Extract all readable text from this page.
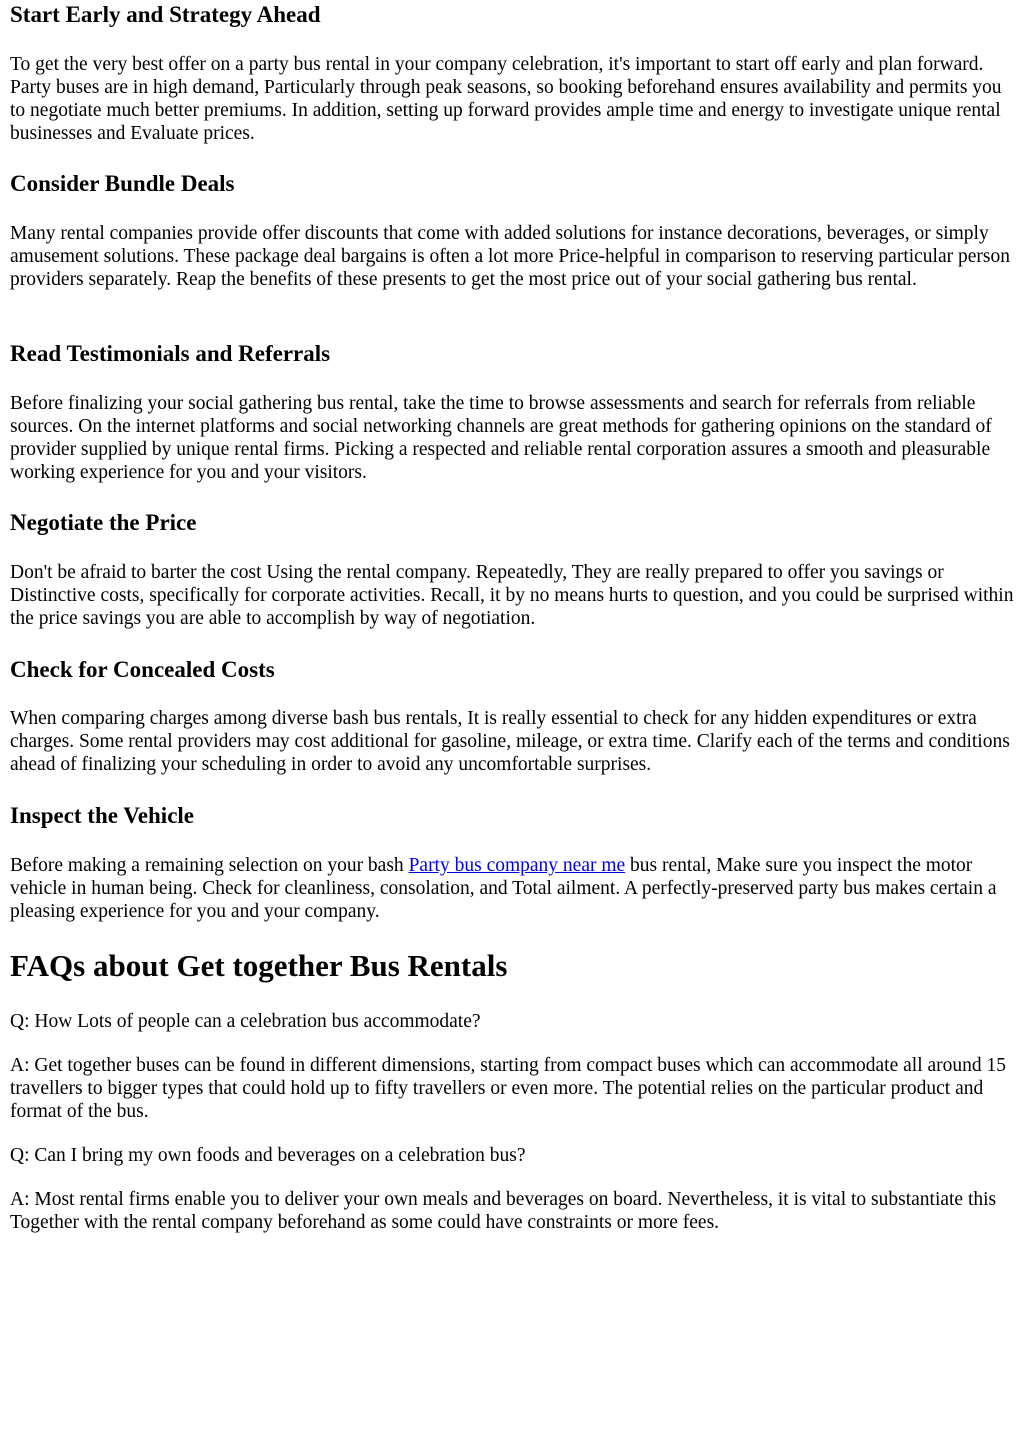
Start Early and Strategy Ahead

To get the very best offer on a party bus rental in your company celebration, it's important to start off early and plan forward. Party buses are in high demand, Particularly through peak seasons, so booking beforehand ensures availability and permits you to negotiate much better premiums. In addition, setting up forward provides ample time and energy to investigate unique rental businesses and Evaluate prices.

Consider Bundle Deals

Many rental companies provide offer discounts that come with added solutions for instance decorations, beverages, or simply amusement solutions. These package deal bargains is often a lot more Price-helpful in comparison to reserving particular person providers separately. Reap the benefits of these presents to get the most price out of your social gathering bus rental.

Read Testimonials and Referrals

Before finalizing your social gathering bus rental, take the time to browse assessments and search for referrals from reliable sources. On the internet platforms and social networking channels are great methods for gathering opinions on the standard of provider supplied by unique rental firms. Picking a respected and reliable rental corporation assures a smooth and pleasurable working experience for you and your visitors.

Negotiate the Price

Don't be afraid to barter the cost Using the rental company. Repeatedly, They are really prepared to offer you savings or Distinctive costs, specifically for corporate activities. Recall, it by no means hurts to question, and you could be surprised within the price savings you are able to accomplish by way of negotiation.

Check for Concealed Costs

When comparing charges among diverse bash bus rentals, It is really essential to check for any hidden expenditures or extra charges. Some rental providers may cost additional for gasoline, mileage, or extra time. Clarify each of the terms and conditions ahead of finalizing your scheduling in order to avoid any uncomfortable surprises.

Inspect the Vehicle

Before making a remaining selection on your bash Party bus company near me bus rental, Make sure you inspect the motor vehicle in human being. Check for cleanliness, consolation, and Total ailment. A perfectly-preserved party bus makes certain a pleasing experience for you and your company.

FAQs about Get together Bus Rentals

Q: How Lots of people can a celebration bus accommodate?

A: Get together buses can be found in different dimensions, starting from compact buses which can accommodate all around 15 travellers to bigger types that could hold up to fifty travellers or even more. The potential relies on the particular product and format of the bus.

Q: Can I bring my own foods and beverages on a celebration bus?

A: Most rental firms enable you to deliver your own meals and beverages on board. Nevertheless, it is vital to substantiate this Together with the rental company beforehand as some could have constraints or more fees.
